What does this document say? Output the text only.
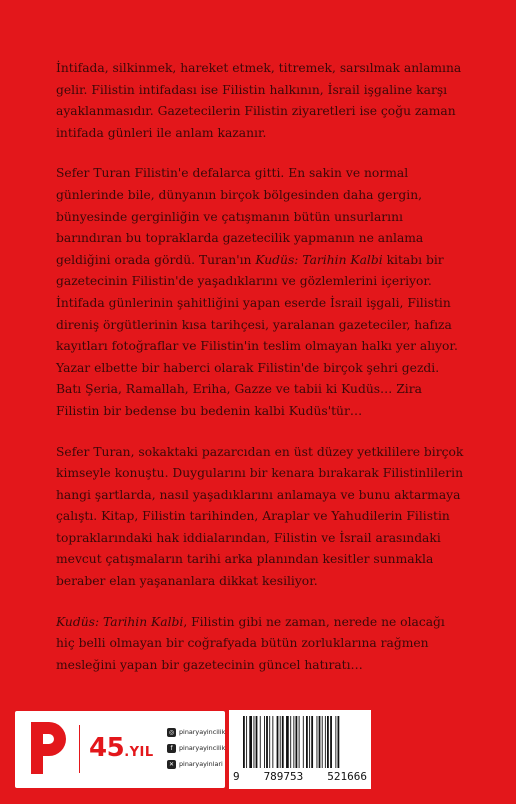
İntifada, silkinmek, hareket etmek, titremek, sarsılmak anlamına gelir. Filistin intifadası ise Filistin halkının, İsrail işgaline karşı ayaklanmasıdır. Gazetecilerin Filistin ziyaretleri ise çoğu zaman intifada günleri ile anlam kazanır.

Sefer Turan Filistin'e defalarca gitti. En sakin ve normal günlerinde bile, dünyanın birçok bölgesinden daha gergin, bünyesinde gerginliğin ve çatışmanın bütün unsurlarını barındıran bu topraklarda gazetecilik yapmanın ne anlama geldiğini orada gördü. Turan'ın Kudüs: Tarihin Kalbi kitabı bir gazetecinin Filistin'de yaşadıklarını ve gözlemlerini içeriyor. İntifada günlerinin şahitliğini yapan eserde İsrail işgali, Filistin direniş örgütlerinin kısa tarihçesi, yaralanan gazeteciler, hafıza kayıtları fotoğraflar ve Filistin'in teslim olmayan halkı yer alıyor. Yazar elbette bir haberci olarak Filistin'de birçok şehri gezdi. Batı Şeria, Ramallah, Eriha, Gazze ve tabii ki Kudüs… Zira Filistin bir bedense bu bedenin kalbi Kudüs'tür…

Sefer Turan, sokaktaki pazarcıdan en üst düzey yetkililere birçok kimseyle konuştu. Duygularını bir kenara bırakarak Filistinlilerin hangi şartlarda, nasıl yaşadıklarını anlamaya ve bunu aktarmaya çalıştı. Kitap, Filistin tarihinden, Araplar ve Yahudilerin Filistin topraklarındaki hak iddialarından, Filistin ve İsrail arasındaki mevcut çatışmaların tarihi arka planından kesitler sunmakla beraber elan yaşananlara dikkat kesiliyor.

Kudüs: Tarihin Kalbi, Filistin gibi ne zaman, nerede ne olacağı hiç belli olmayan bir coğrafyada bütün zorluklarına rağmen mesleğini yapan bir gazetecinin güncel hatıratı…

45.YIL
◎ pinaryayincilik
f	pinaryayincilik
✕ pinaryayinlari
9 789753 521666
